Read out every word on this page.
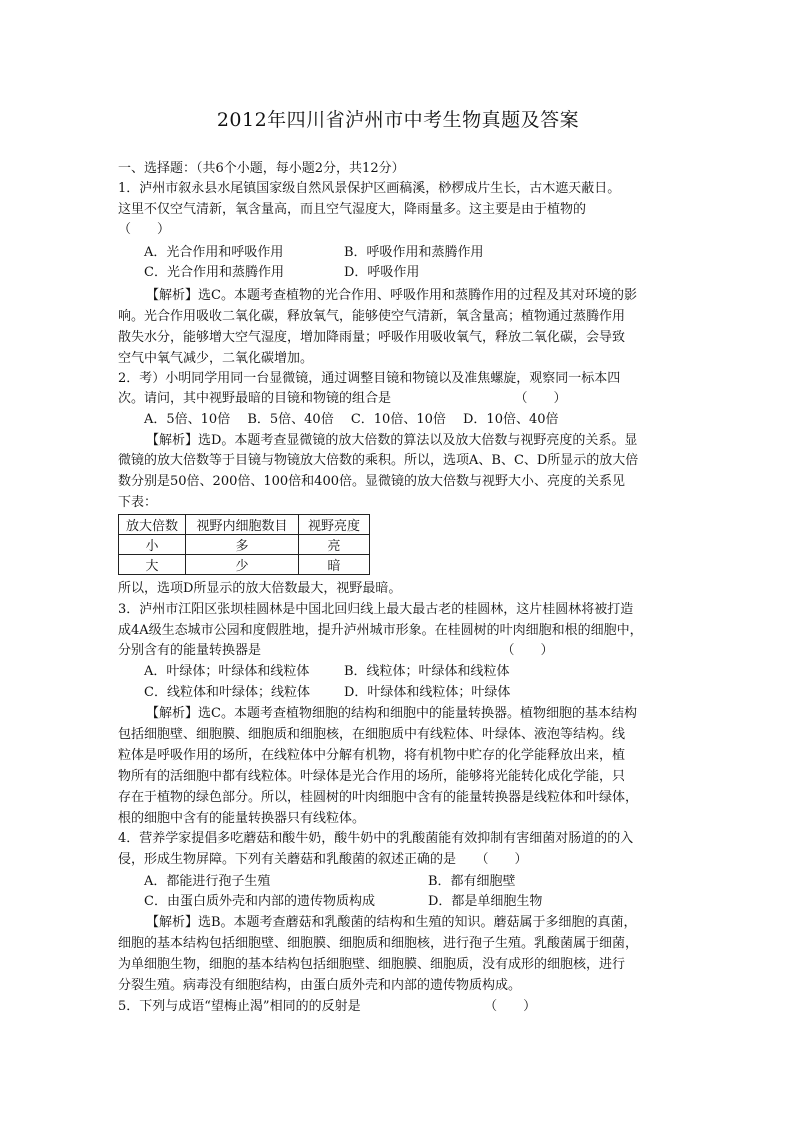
2012年四川省泸州市中考生物真题及答案
一、选择题：（共6个小题，每小题2分，共12分）
1．泸州市叙永县水尾镇国家级自然风景保护区画稿溪，桫椤成片生长，古木遮天蔽日。
这里不仅空气清新，氧含量高，而且空气湿度大，降雨量多。这主要是由于植物的
（　　）
A．光合作用和呼吸作用	B．呼吸作用和蒸腾作用
C．光合作用和蒸腾作用	D．呼吸作用
【解析】选C。本题考查植物的光合作用、呼吸作用和蒸腾作用的过程及其对环境的影
响。光合作用吸收二氧化碳，释放氧气，能够使空气清新，氧含量高；植物通过蒸腾作用
散失水分，能够增大空气湿度，增加降雨量；呼吸作用吸收氧气，释放二氧化碳，会导致
空气中氧气减少，二氧化碳增加。
2．考）小明同学用同一台显微镜，通过调整目镜和物镜以及准焦螺旋，观察同一标本四
次。请问，其中视野最暗的目镜和物镜的组合是　　　　　　　　　　（　　）
A．5倍、10倍　 B．5倍、40倍　 C．10倍、10倍　 D．10倍、40倍
【解析】选D。本题考查显微镜的放大倍数的算法以及放大倍数与视野亮度的关系。显
微镜的放大倍数等于目镜与物镜放大倍数的乘积。所以，选项A、B、C、D所显示的放大倍
数分别是50倍、200倍、100倍和400倍。显微镜的放大倍数与视野大小、亮度的关系见
下表：
放大倍数	视野内细胞数目	视野亮度
小	多	亮
大	少	暗
所以，选项D所显示的放大倍数最大，视野最暗。
3．泸州市江阳区张坝桂圆林是中国北回归线上最大最古老的桂圆林，这片桂圆林将被打造
成4A级生态城市公园和度假胜地，提升泸州城市形象。在桂圆树的叶肉细胞和根的细胞中，
分别含有的能量转换器是　　　　　　　　　　　　　　　　　　　（　　）
A．叶绿体；叶绿体和线粒体	B．线粒体；叶绿体和线粒体
C．线粒体和叶绿体；线粒体	D．叶绿体和线粒体；叶绿体
【解析】选C。本题考查植物细胞的结构和细胞中的能量转换器。植物细胞的基本结构
包括细胞壁、细胞膜、细胞质和细胞核，在细胞质中有线粒体、叶绿体、液泡等结构。线
粒体是呼吸作用的场所，在线粒体中分解有机物，将有机物中贮存的化学能释放出来，植
物所有的活细胞中都有线粒体。叶绿体是光合作用的场所，能够将光能转化成化学能，只
存在于植物的绿色部分。所以，桂圆树的叶肉细胞中含有的能量转换器是线粒体和叶绿体，
根的细胞中含有的能量转换器只有线粒体。
4．营养学家提倡多吃蘑菇和酸牛奶，酸牛奶中的乳酸菌能有效抑制有害细菌对肠道的的入
侵，形成生物屏障。下列有关蘑菇和乳酸菌的叙述正确的是　　（　　）
A．都能进行孢子生殖	B．都有细胞壁
C．由蛋白质外壳和内部的遗传物质构成	D．都是单细胞生物
【解析】选B。本题考查蘑菇和乳酸菌的结构和生殖的知识。蘑菇属于多细胞的真菌，
细胞的基本结构包括细胞壁、细胞膜、细胞质和细胞核，进行孢子生殖。乳酸菌属于细菌，
为单细胞生物，细胞的基本结构包括细胞壁、细胞膜、细胞质，没有成形的细胞核，进行
分裂生殖。病毒没有细胞结构，由蛋白质外壳和内部的遗传物质构成。
5．下列与成语“望梅止渴”相同的的反射是　　　　　　　　　　（　　）
